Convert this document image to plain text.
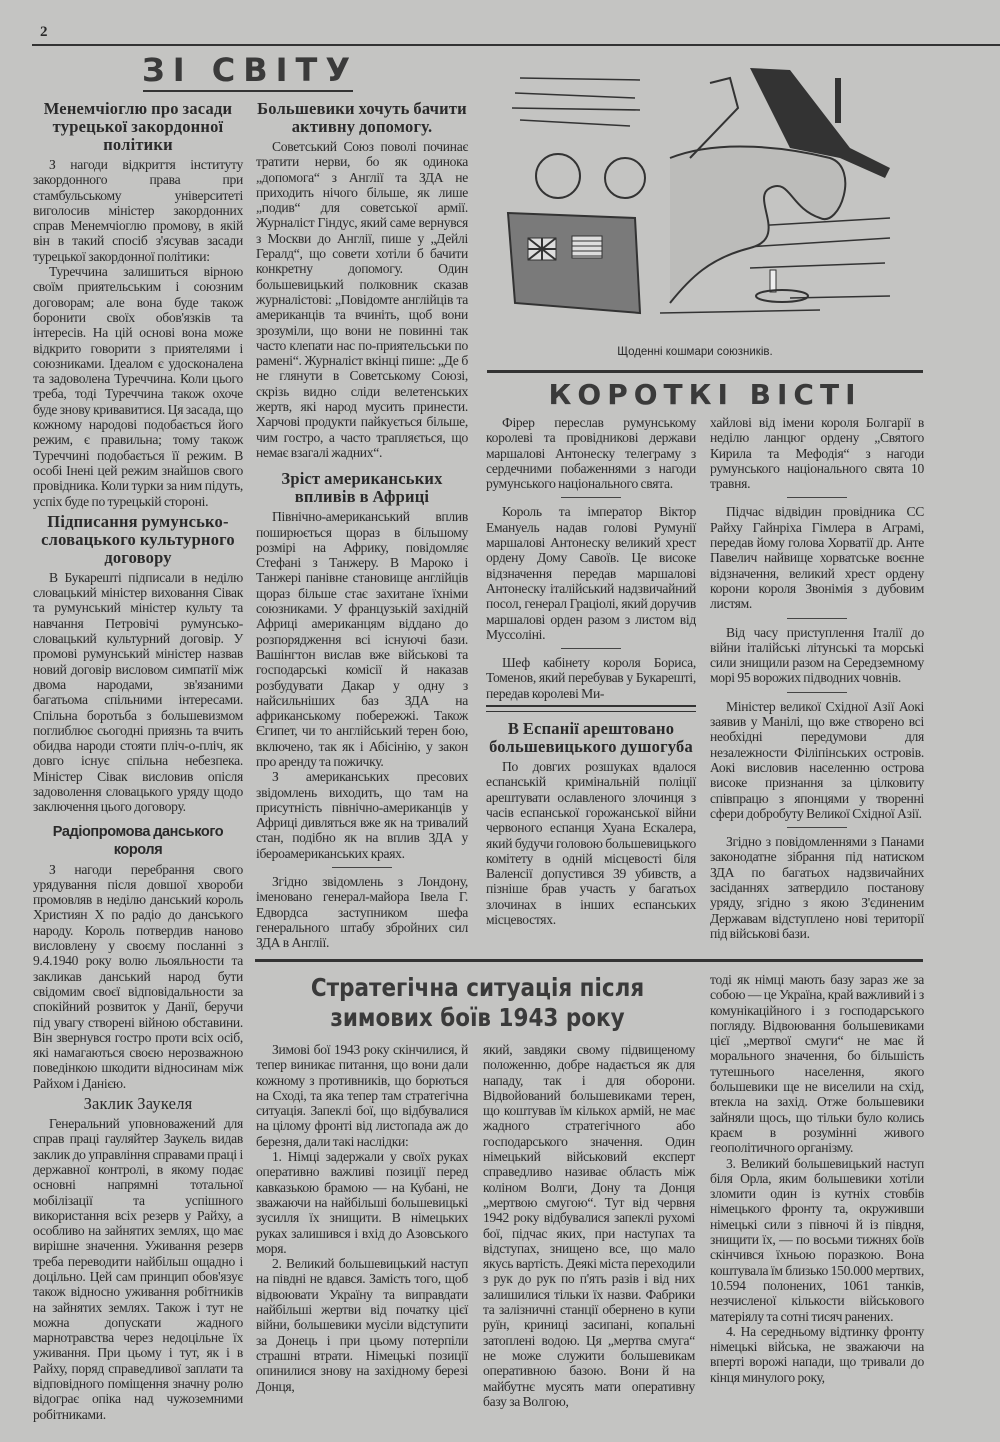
2
ЗІ СВІТУ
Менемчіоглю про засади турецької закордонної політики

З нагоди відкриття інституту закордонного права при стамбульському університеті виголосив міністер закордонних справ Менемчіоглю промову, в якій він в такий спосіб з'ясував засади турецької закордонної політики:

Туреччина залишиться вірною своїм приятельським і союзним договорам; але вона буде також боронити своїх обов'язків та інтересів. На цій основі вона може відкрито говорити з приятелями і союзниками. Ідеалом є удосконалена та задоволена Туреччина. Коли цього треба, тоді Туреччина також охоче буде знову кривавитися. Ця засада, що кожному народові подобається його режим, є правильна; тому також Туреччині подобається її режим. В особі Інені цей режим знайшов свого провідника. Коли турки за ним підуть, успіх буде по турецькій стороні.

Підписання румунсько-словацького культурного договору

В Букарешті підписали в неділю словацький міністер виховання Сівак та румунський міністер культу та навчання Петровічі румунсько-словацький культурний договір. У промові румунський міністер назвав новий договір висловом симпатії між двома народами, зв'язаними багатьома спільними інтересами. Спільна боротьба з большевизмом поглиблює сьогодні приязнь та вчить обидва народи стояти пліч-о-пліч, як довго існує спільна небезпека. Міністер Сівак висловив опісля задоволення словацького уряду щодо заключення цього договору.

Радіопромова данського короля

З нагоди перебрання свого урядування після довшої хвороби промовляв в неділю данський король Християн X по радіо до данського народу. Король потвердив наново висловлену у своєму посланні з 9.4.1940 року волю льояльности та закликав данський народ бути свідомим своєї відповідальности за спокійний розвиток у Данії, беручи під увагу створені війною обставини. Він звернувся гостро проти всіх осіб, які намагаються своєю нерозважною поведінкою шкодити відносинам між Райхом і Данією.

Заклик Заукеля

Генеральний уповноважений для справ праці гауляйтер Заукель видав заклик до управління справами праці і державної контролі, в якому подає основні напрямні тотальної мобілізації та успішного використання всіх резерв у Райху, а особливо на зайнятих землях, що має вирішне значення. Уживання резерв треба переводити найбільш ощадно і доцільно. Цей сам принцип обов'язує також відносно уживання робітників на зайнятих землях. Також і тут не можна допускати жадного марнотравства через недоцільне їх уживання. При цьому і тут, як і в Райху, поряд справедливої заплати та відповідного поміщення значну ролю відограє опіка над чужоземними робітниками.

Большевики хочуть бачити активну допомогу.

Советський Союз поволі починає тратити нерви, бо як одинока „допомога“ з Англії та ЗДА не приходить нічого більше, як лише „подив“ для советської армії. Журналіст Гіндус, який саме вернувся з Москви до Англії, пише у „Дейлі Гералд“, що совети хотіли б бачити конкретну допомогу. Один большевицький полковник сказав журналістові: „Повідомте англійців та американців та вчиніть, щоб вони зрозуміли, що вони не повинні так часто клепати нас по-приятельськи по рамені“. Журналіст вкінці пише: „Де б не глянути в Советському Союзі, скрізь видно сліди велетенських жертв, які народ мусить принести. Харчові продукти пайкується більше, чим гостро, а часто трапляється, що немає взагалі жадних“.

Зріст американських впливів в Африці

Північно-американський вплив поширюється щораз в більшому розмірі на Африку, повідомляє Стефані з Танжеру. В Мароко і Танжері панівне становище англійців щораз більше стає захитане їхніми союзниками. У французькій західній Африці американцям віддано до розпорядження всі існуючі бази. Вашінгтон вислав вже військові та господарські комісії й наказав розбудувати Дакар у одну з найсильніших баз ЗДА на африканському побережжі. Також Єгипет, чи то англійський терен бою, включено, так як і Абісінію, у закон про аренду та пожичку.

З американських пресових звідомлень виходить, що там на присутність північно-американців у Африці дивляться вже як на тривалий стан, подібно як на вплив ЗДА у ібероамериканських краях.

Згідно звідомлень з Лондону, іменовано генерал-майора Івела Г. Едвордса заступником шефа генерального штабу збройних сил ЗДА в Англії.

Щоденні кошмари союзників.
КОРОТКІ ВІСТІ

Фірер переслав румунському королеві та провідникові держави маршалові Антонеску телеграму з сердечними побаженнями з нагоди румунського національного свята.

Король та імператор Віктор Емануель надав голові Румунії маршалові Антонеску великий хрест ордену Дому Савоїв. Це високе відзначення передав маршалові Антонеску італійський надзвичайний посол, генерал Граціолі, який доручив маршалові орден разом з листом від Муссоліні.

Шеф кабінету короля Бориса, Томенов, який перебував у Букарешті, передав королеві Ми-

В Еспанії арештовано большевицького душогуба

По довгих розшуках вдалося еспанській кримінальній поліції арештувати ославленого злочинця з часів еспанської горожанської війни червоного еспанця Хуана Ескалера, який будучи головою большевицького комітету в одній місцевості біля Валенсії допустився 39 убивств, а пізніше брав участь у багатьох злочинах в інших еспанських місцевостях.

хайлові від імени короля Болгарії в неділю ланцюг ордену „Святого Кирила та Мефодія“ з нагоди румунського національного свята 10 травня.

Підчас відвідин провідника СС Райху Гайнріха Гімлера в Аграмі, передав йому голова Хорватії др. Анте Павелич найвище хорватське воєнне відзначення, великий хрест ордену корони короля Звонімія з дубовим листям.

Від часу приступлення Італії до війни італійські літунські та морські сили знищили разом на Середземному морі 95 ворожих підводних човнів.

Міністер великої Східної Азії Аокі заявив у Манілі, що вже створено всі необхідні передумови для незалежности Філіпінських островів. Аокі висловив населенню острова високе признання за цілковиту співпрацю з японцями у творенні сфери добробуту Великої Східної Азії.

Згідно з повідомленнями з Панами законодатне зібрання під натиском ЗДА по багатьох надзвичайних засіданнях затвердило постанову уряду, згідно з якою З'єдиненим Державам відступлено нові території під військові бази.

Стратегічна ситуація після
зимових боїв 1943 року

Зимові бої 1943 року скінчилися, й тепер виникає питання, що вони дали кожному з противників, що борються на Сході, та яка тепер там стратегічна ситуація. Запеклі бої, що відбувалися на цілому фронті від листопада аж до березня, дали такі наслідки:

1. Німці задержали у своїх руках оперативно важливі позиції перед кавказькою брамою — на Кубані, не зважаючи на найбільші большевицькі зусилля їх знищити. В німецьких руках залишився і вхід до Азовського моря.

2. Великий большевицький наступ на півдні не вдався. Замість того, щоб відвоювати Україну та виправдати найбільші жертви від початку цієї війни, большевики мусіли відступити за Донець і при цьому потерпіли страшні втрати. Німецькі позиції опинилися знову на західному березі Донця,

який, завдяки свому підвищеному положенню, добре надається як для нападу, так і для оборони. Відвойований большевиками терен, що коштував їм кількох армій, не має жадного стратегічного або господарського значення. Один німецький військовий експерт справедливо називає область між коліном Волги, Дону та Донця „мертвою смугою“. Тут від червня 1942 року відбувалися запеклі рухомі бої, підчас яких, при наступах та відступах, знищено все, що мало якусь вартість. Деякі міста переходили з рук до рук по п'ять разів і від них залишилися тільки їх назви. Фабрики та залізничні станції обернено в купи руїн, криниці засипані, копальні затоплені водою. Ця „мертва смуга“ не може служити большевикам оперативною базою. Вони й на майбутнє мусять мати оперативну базу за Волгою,

тоді як німці мають базу зараз же за собою — це Україна, край важливий і з комунікаційного і з господарського погляду. Відвоювання большевиками цієї „мертвої смуги“ не має й морального значення, бо більшість тутешнього населення, якого большевики ще не виселили на схід, втекла на захід. Отже большевики зайняли щось, що тільки було колись краєм в розумінні живого геополітичного організму.

3. Великий большевицький наступ біля Орла, яким большевики хотіли зломити один із кутніх стовбів німецького фронту та, окруживши німецькі сили з півночі й із півдня, знищити їх, — по восьми тижнях боїв скінчився їхньою поразкою. Вона коштувала їм близько 150.000 мертвих, 10.594 полонених, 1061 танків, незчисленої кількости військового матеріялу та сотні тисяч ранених.

4. На середньому відтинку фронту німецькі війська, не зважаючи на вперті ворожі напади, що тривали до кінця минулого року,
